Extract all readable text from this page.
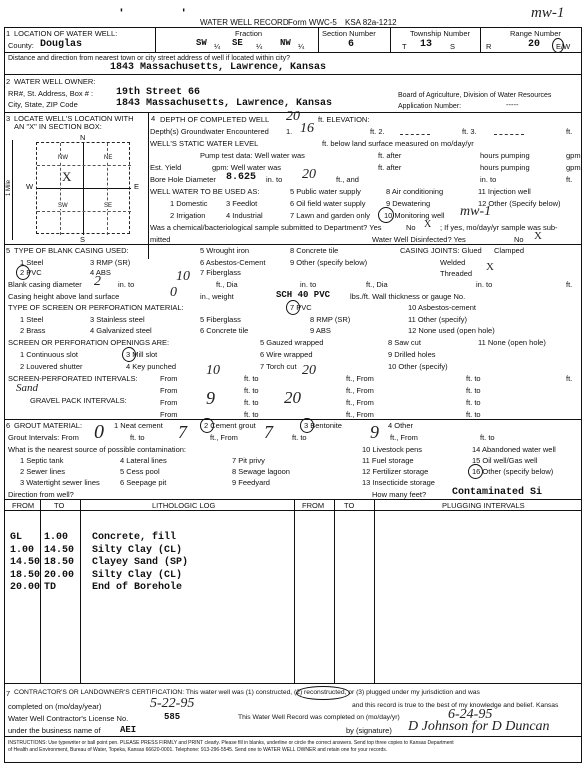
' '
WATER WELL RECORD Form WWC-5 KSA 82a-1212
mw-1
1 LOCATION OF WATER WELL:
County: Douglas
Fraction
SW ¼ SE ¼ NW ¼
Section Number
6
Township Number
T 13 S
Range Number
R	20 E/W
Distance and direction from nearest town or city street address of well if located within city?
1843 Massachusetts, Lawrence, Kansas
2 WATER WELL OWNER:
RR#, St. Address, Box # : 19th Street 66
City, State, ZIP Code	1843 Massachusetts, Lawrence, Kansas
Board of Agriculture, Division of Water Resources
Application Number:	-----
3 LOCATE WELL'S LOCATION WITH
AN "X" IN SECTION BOX:
N
S
W	E
1 Mile
NW	NE
SW	SE
X
4 DEPTH OF COMPLETED WELL 20 ft. ELEVATION:
Depth(s) Groundwater Encountered 1. 16	ft. 2.	ft. 3.	ft.
WELL'S STATIC WATER LEVEL	ft. below land surface measured on mo/day/yr
Pump test data: Well water was	ft. after	hours pumping	gpm
Est. Yield	gpm: Well water was	ft. after	hours pumping	gpm
Bore Hole Diameter 8.625 in. to 20	ft., and	in. to	ft.
WELL WATER TO BE USED AS:	5 Public water supply	8 Air conditioning	11 Injection well
1 Domestic 3 Feedlot	6 Oil field water supply	9 Dewatering	12 Other (Specify below)
2 Irrigation	4 Industrial	7 Lawn and garden only 10 Monitoring well mw-1
Was a chemical/bacteriological sample submitted to Department? Yes	No X ; If yes, mo/day/yr sample was sub-
mitted	Water Well Disinfected? Yes	No X
5 TYPE OF BLANK CASING USED:
1 Steel	3 RMP (SR)
5 Wrought iron	8 Concrete tile
2 PVC	4 ABS
6 Asbestos-Cement	9 Other (specify below)
7 Fiberglass
CASING JOINTS: Glued Clamped
Welded
Threaded
X
Blank casing diameter 2 in. to
10
ft., Dia	in. to	ft., Dia	in. to	ft.
Casing height above land surface	0	in., weight	SCH 40 PVC	lbs./ft. Wall thickness or gauge No.
TYPE OF SCREEN OR PERFORATION MATERIAL:
1 Steel	3 Stainless steel	5 Fiberglass
7 PVC	10 Asbestos-cement
2 Brass	4 Galvanized steel	6 Concrete tile
8 RMP (SR)	11 Other (specify)
9 ABS	12 None used (open hole)
SCREEN OR PERFORATION OPENINGS ARE:	5 Gauzed wrapped	8 Saw cut	11 None (open hole)
1 Continuous slot	3 Mill slot	6 Wire wrapped	9 Drilled holes
2 Louvered shutter	4 Key punched	7 Torch cut	10 Other (specify)
SCREEN-PERFORATED INTERVALS:	From
10
ft. to
20
ft., From	ft. to	ft.
From	ft. to	ft., From	ft. to
Sand
GRAVEL PACK INTERVALS:	From 9	ft. to 20	ft., From	ft. to
From	ft. to	ft., From	ft. to
6 GROUT MATERIAL:	1 Neat cement	2 Cement grout	3 Bentonite	4 Other
Grout Intervals: From 0	ft. to 7	ft., From 7	ft. to	9 ft., From	ft. to
What is the nearest source of possible contamination:
1 Septic tank	4 Lateral lines	7 Pit privy
10 Livestock pens	14 Abandoned water well
2 Sewer lines	5 Cess pool	8 Sewage lagoon
11 Fuel storage	15 Oil well/Gas well
3 Watertight sewer lines	6 Seepage pit	9 Feedyard
12 Fertilizer storage	16 Other (specify below)
13 Insecticide storage
Direction from well?	How many feet?	Contaminated Si
FROM	TO	LITHOLOGIC LOG	FROM	TO	PLUGGING INTERVALS
GL 1.00 Concrete, fill
1.00 14.50 Silty Clay (CL)
14.50 18.50 Clayey Sand (SP)
18.50 20.00 Silty Clay (CL)
20.00 TD	End of Borehole
7 CONTRACTOR'S OR LANDOWNER'S CERTIFICATION: This water well was (1) constructed, (2) reconstructed, or (3) plugged under my jurisdiction and was
completed on (mo/day/year)	5-22-95	and this record is true to the best of my knowledge and belief. Kansas
Water Well Contractor's License No.	585	This Water Well Record was completed on (mo/day/yr)	6-24-95
under the business name of AEI	by (signature) D Johnson for D Duncan
INSTRUCTIONS: Use typewriter or ball point pen. PLEASE PRESS FIRMLY and PRINT clearly. Please fill in blanks, underline or circle the correct answers. Send top three copies to Kansas Department
of Health and Environment, Bureau of Water, Topeka, Kansas 66620-0001. Telephone: 913-296-5545. Send one to WATER WELL OWNER and retain one for your records.
